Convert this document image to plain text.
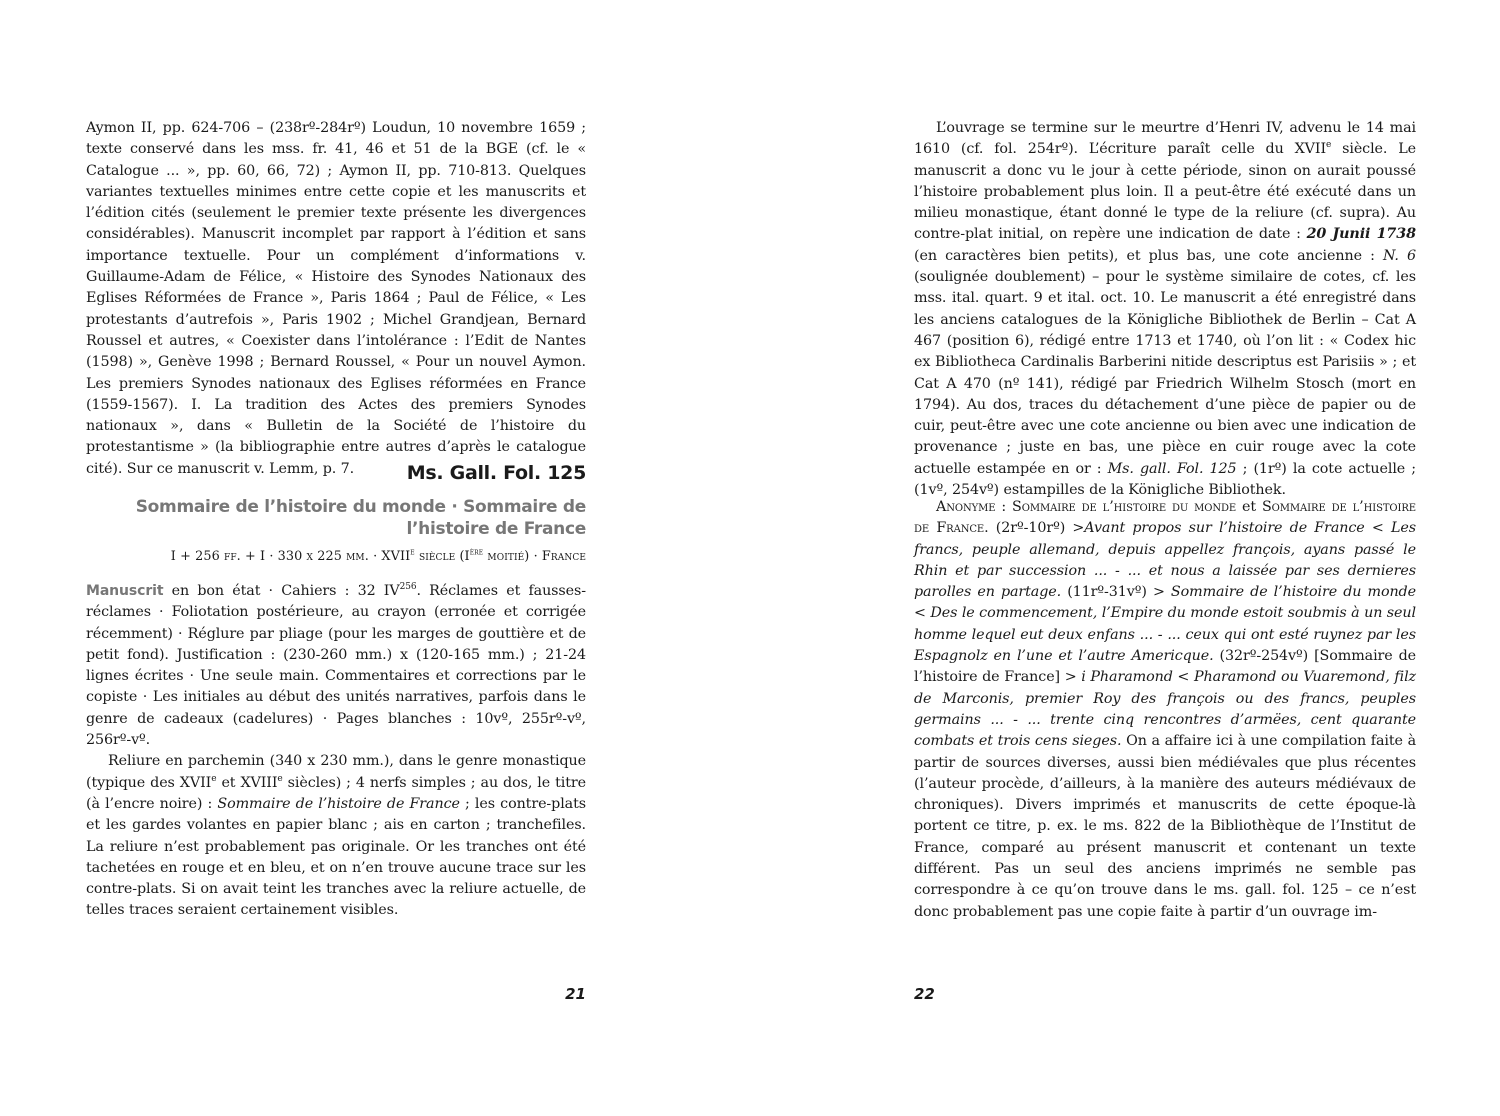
Aymon II, pp. 624-706 – (238rº-284rº) Loudun, 10 novembre 1659 ; texte conservé dans les mss. fr. 41, 46 et 51 de la BGE (cf. le « Catalogue ... », pp. 60, 66, 72) ; Aymon II, pp. 710-813. Quelques variantes textuelles minimes entre cette copie et les manuscrits et l’édition cités (seulement le premier texte présente les divergences considérables). Manuscrit incomplet par rapport à l’édition et sans importance textuelle. Pour un complément d’informations v. Guillaume-Adam de Félice, « Histoire des Synodes Nationaux des Eglises Réformées de France », Paris 1864 ; Paul de Félice, « Les protestants d’autrefois », Paris 1902 ; Michel Grandjean, Bernard Roussel et autres, « Coexister dans l’intolérance : l’Edit de Nantes (1598) », Genève 1998 ; Bernard Roussel, « Pour un nouvel Aymon. Les premiers Synodes nationaux des Eglises réformées en France (1559-1567). I. La tradition des Actes des premiers Synodes nationaux », dans « Bulletin de la Société de l’histoire du protestantisme » (la bibliographie entre autres d’après le catalogue cité). Sur ce manuscrit v. Lemm, p. 7.	Ms. Gall. Fol. 125
Sommaire de l’histoire du monde · Sommaire de l’histoire de France
I + 256 ff. + I · 330 x 225 mm. · $XVII^e$ siècle (Ière moitié) · France

Manuscrit en bon état · Cahiers : 32 IV$^{256}$. Réclames et fausses-réclames · Foliotation postérieure, au crayon (erronée et corrigée récemment) · Réglure par pliage (pour les marges de gouttière et de petit fond). Justification : (230-260 mm.) x (120-165 mm.) ; 21-24 lignes écrites · Une seule main. Commentaires et corrections par le copiste · Les initiales au début des unités narratives, parfois dans le genre de cadeaux (cadelures) · Pages blanches : 10vº, 255rº-vº, 256rº-vº.

Reliure en parchemin (340 x 230 mm.), dans le genre monastique (typique des XVIIe et XVIIIe siècles) ; 4 nerfs simples ; au dos, le titre (à l’encre noire) : Sommaire de l’histoire de France ; les contre-plats et les gardes volantes en papier blanc ; ais en carton ; tranchefiles. La reliure n’est probablement pas originale. Or les tranches ont été tachetées en rouge et en bleu, et on n’en trouve aucune trace sur les contre-plats. Si on avait teint les tranches avec la reliure actuelle, de telles traces seraient certainement visibles.

21

L’ouvrage se termine sur le meurtre d’Henri IV, advenu le 14 mai 1610 (cf. fol. 254rº). L’écriture paraît celle du XVIIe siècle. Le manuscrit a donc vu le jour à cette période, sinon on aurait poussé l’histoire probablement plus loin. Il a peut-être été exécuté dans un milieu monastique, étant donné le type de la reliure (cf. supra). Au contre-plat initial, on repère une indication de date : 20 Junii 1738 (en caractères bien petits), et plus bas, une cote ancienne : N. 6 (soulignée doublement) – pour le système similaire de cotes, cf. les mss. ital. quart. 9 et ital. oct. 10. Le manuscrit a été enregistré dans les anciens catalogues de la Königliche Bibliothek de Berlin – Cat A 467 (position 6), rédigé entre 1713 et 1740, où l’on lit : « Codex hic ex Bibliotheca Cardinalis Barberini nitide descriptus est Parisiis » ; et Cat A 470 (nº 141), rédigé par Friedrich Wilhelm Stosch (mort en 1794). Au dos, traces du détachement d’une pièce de papier ou de cuir, peut-être avec une cote ancienne ou bien avec une indication de provenance ; juste en bas, une pièce en cuir rouge avec la cote actuelle estampée en or : Ms. gall. Fol. 125 ; (1rº) la cote actuelle ; (1vº, 254vº) estampilles de la Königliche Bibliothek.

Anonyme : Sommaire de l’histoire du monde et Sommaire de l’histoire de France. (2rº-10rº) >Avant propos sur l’histoire de France < Les francs, peuple allemand, depuis appellez françois, ayans passé le Rhin et par succession ... - ... et nous a laissée par ses dernieres parolles en partage. (11rº-31vº) > Sommaire de l’histoire du monde < Des le commencement, l’Empire du monde estoit soubmis à un seul homme lequel eut deux enfans ... - ... ceux qui ont esté ruynez par les Espagnolz en l’une et l’autre Americque. (32rº-254vº) [Sommaire de l’histoire de France] > i Pharamond < Pharamond ou Vuaremond, filz de Marconis, premier Roy des françois ou des francs, peuples germains ... - ... trente cinq rencontres d’armëes, cent quarante combats et trois cens sieges. On a affaire ici à une compilation faite à partir de sources diverses, aussi bien médiévales que plus récentes (l’auteur procède, d’ailleurs, à la manière des auteurs médiévaux de chroniques). Divers imprimés et manuscrits de cette époque-là portent ce titre, p. ex. le ms. 822 de la Bibliothèque de l’Institut de France, comparé au présent manuscrit et contenant un texte différent. Pas un seul des anciens imprimés ne semble pas correspondre à ce qu’on trouve dans le ms. gall. fol. 125 – ce n’est donc probablement pas une copie faite à partir d’un ouvrage im-

22
